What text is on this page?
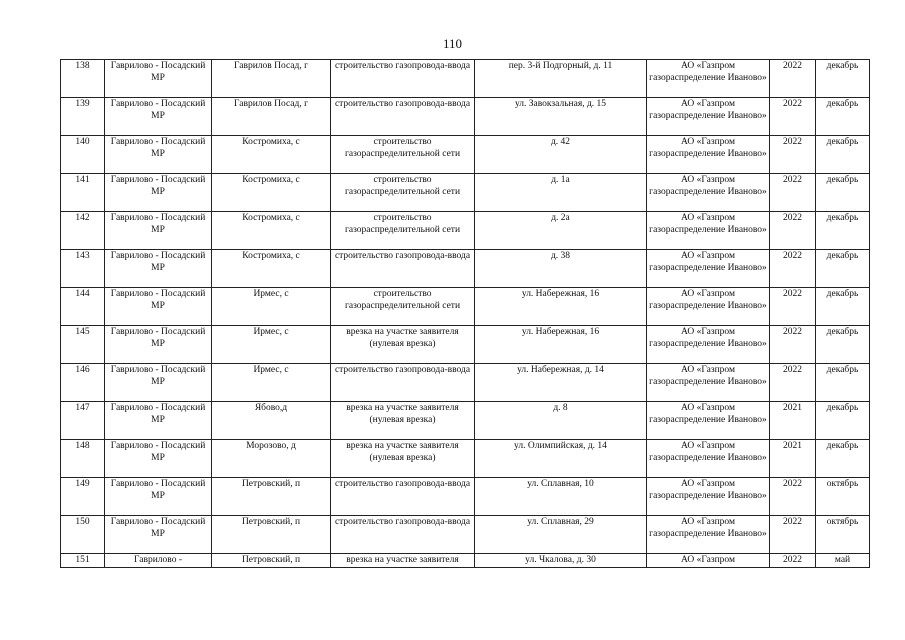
110
138	Гаврилово - Посадский МР	Гаврилов Посад, г	строительство газопровода-ввода	пер. 3-й Подгорный, д. 11	АО «Газпром газораспределение Иваново»	2022	декабрь
139	Гаврилово - Посадский МР	Гаврилов Посад, г	строительство газопровода-ввода	ул. Завокзальная, д. 15	АО «Газпром газораспределение Иваново»	2022	декабрь
140	Гаврилово - Посадский МР	Костромиха, с	строительство газораспределительной сети	д. 42	АО «Газпром газораспределение Иваново»	2022	декабрь
141	Гаврилово - Посадский МР	Костромиха, с	строительство газораспределительной сети	д. 1а	АО «Газпром газораспределение Иваново»	2022	декабрь
142	Гаврилово - Посадский МР	Костромиха, с	строительство газораспределительной сети	д. 2а	АО «Газпром газораспределение Иваново»	2022	декабрь
143	Гаврилово - Посадский МР	Костромиха, с	строительство газопровода-ввода	д. 38	АО «Газпром газораспределение Иваново»	2022	декабрь
144	Гаврилово - Посадский МР	Ирмес, с	строительство газораспределительной сети	ул. Набережная, 16	АО «Газпром газораспределение Иваново»	2022	декабрь
145	Гаврилово - Посадский МР	Ирмес, с	врезка на участке заявителя (нулевая врезка)	ул. Набережная, 16	АО «Газпром газораспределение Иваново»	2022	декабрь
146	Гаврилово - Посадский МР	Ирмес, с	строительство газопровода-ввода	ул. Набережная, д. 14	АО «Газпром газораспределение Иваново»	2022	декабрь
147	Гаврилово - Посадский МР	Ябово,д	врезка на участке заявителя (нулевая врезка)	д. 8	АО «Газпром газораспределение Иваново»	2021	декабрь
148	Гаврилово - Посадский МР	Морозово, д	врезка на участке заявителя (нулевая врезка)	ул. Олимпийская, д. 14	АО «Газпром газораспределение Иваново»	2021	декабрь
149	Гаврилово - Посадский МР	Петровский, п	строительство газопровода-ввода	ул. Сплавная, 10	АО «Газпром газораспределение Иваново»	2022	октябрь
150	Гаврилово - Посадский МР	Петровский, п	строительство газопровода-ввода	ул. Сплавная, 29	АО «Газпром газораспределение Иваново»	2022	октябрь
151	Гаврилово -	Петровский, п	врезка на участке заявителя	ул. Чкалова, д. 30	АО «Газпром	2022	май
